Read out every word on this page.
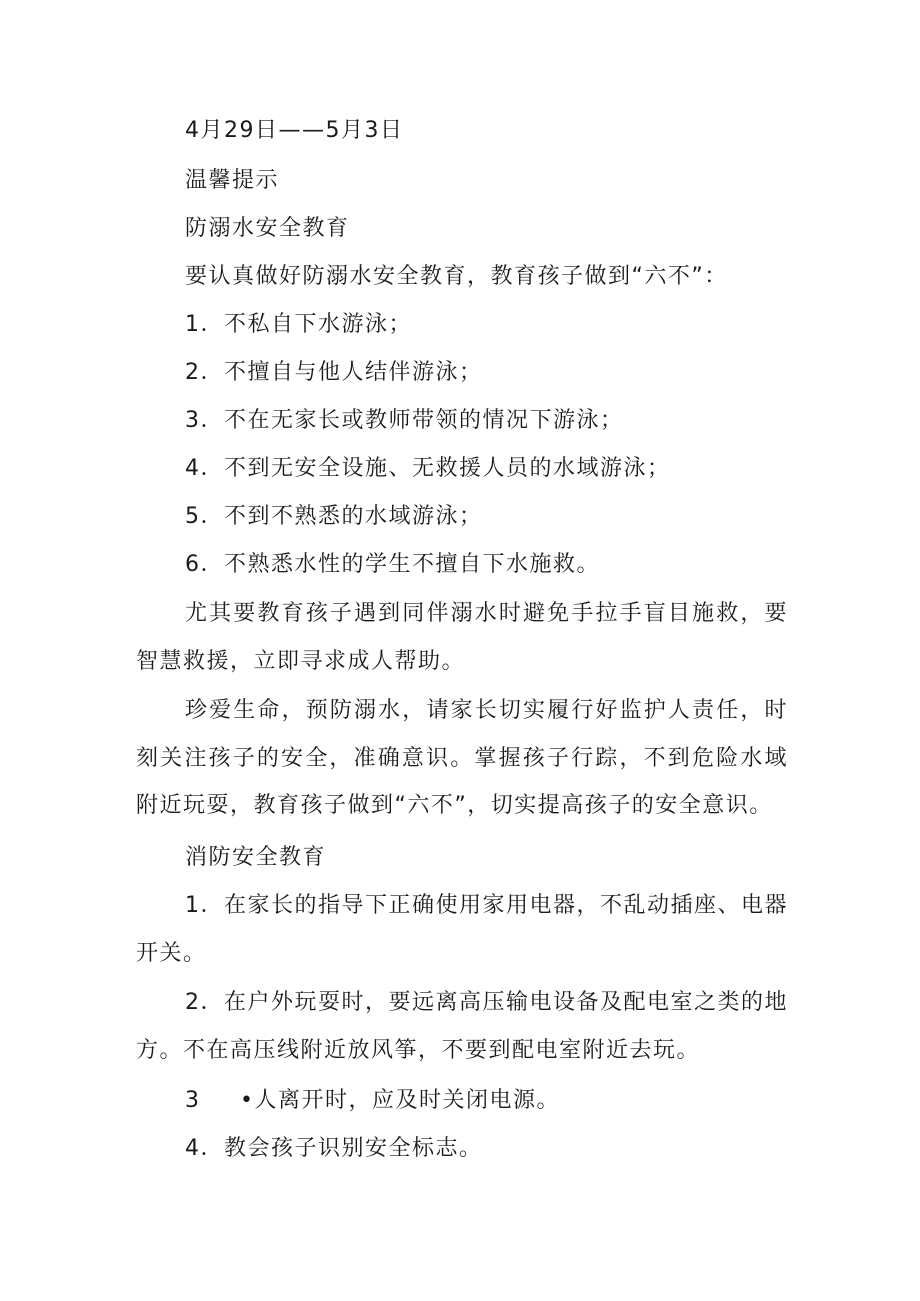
4月29日——5月3日
温馨提示
防溺水安全教育
要认真做好防溺水安全教育，教育孩子做到“六不”：
1．不私自下水游泳；
2．不擅自与他人结伴游泳；
3．不在无家长或教师带领的情况下游泳；
4．不到无安全设施、无救援人员的水域游泳；
5．不到不熟悉的水域游泳；
6．不熟悉水性的学生不擅自下水施救。
尤其要教育孩子遇到同伴溺水时避免手拉手盲目施救，要智慧救援，立即寻求成人帮助。
珍爱生命，预防溺水，请家长切实履行好监护人责任，时刻关注孩子的安全，准确意识。掌握孩子行踪，不到危险水域附近玩耍，教育孩子做到“六不”，切实提高孩子的安全意识。
消防安全教育
1．在家长的指导下正确使用家用电器，不乱动插座、电器开关。
2．在户外玩耍时，要远离高压输电设备及配电室之类的地方。不在高压线附近放风筝，不要到配电室附近去玩。
3 •人离开时，应及时关闭电源。
4．教会孩子识别安全标志。
